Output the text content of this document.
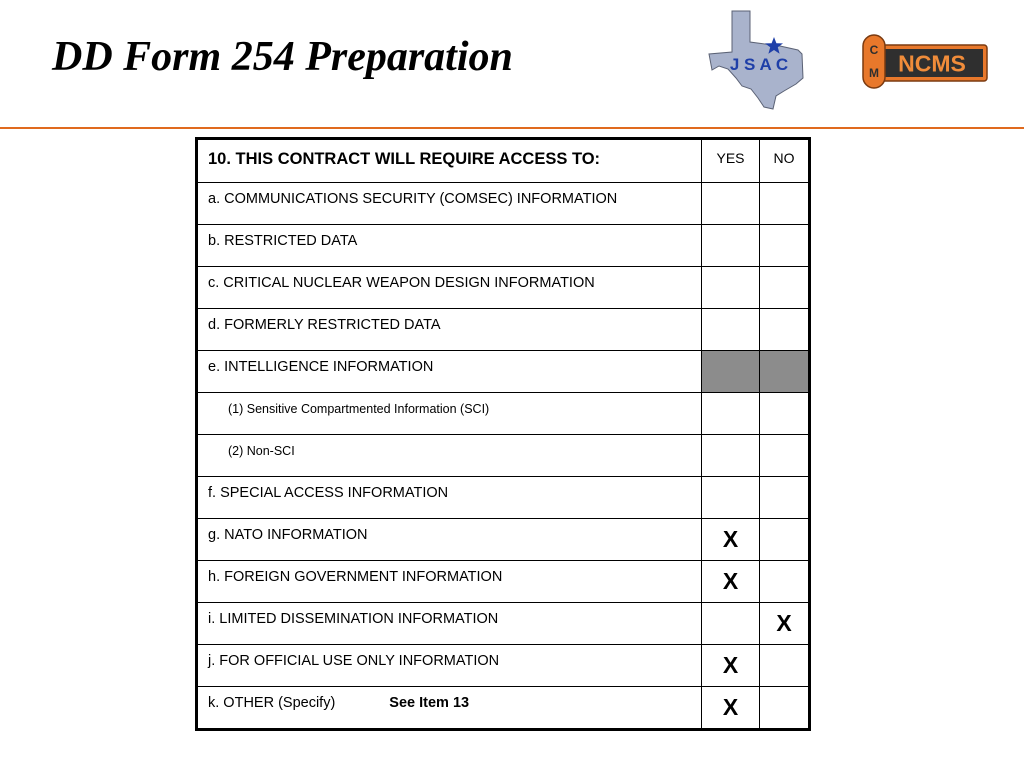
DD Form 254 Preparation	J S A C	NCMS
C
M
10. THIS CONTRACT WILL REQUIRE ACCESS TO:	YES	NO
a. COMMUNICATIONS SECURITY (COMSEC) INFORMATION		
b. RESTRICTED DATA		
c. CRITICAL NUCLEAR WEAPON DESIGN INFORMATION		
d. FORMERLY RESTRICTED DATA		
e. INTELLIGENCE INFORMATION		
(1) Sensitive Compartmented Information (SCI)		
(2) Non-SCI		
f. SPECIAL ACCESS INFORMATION		
g. NATO INFORMATION	X	
h. FOREIGN GOVERNMENT INFORMATION	X	
i. LIMITED DISSEMINATION INFORMATION		X
j. FOR OFFICIAL USE ONLY INFORMATION	X	
k. OTHER (Specify) See Item 13	X	
